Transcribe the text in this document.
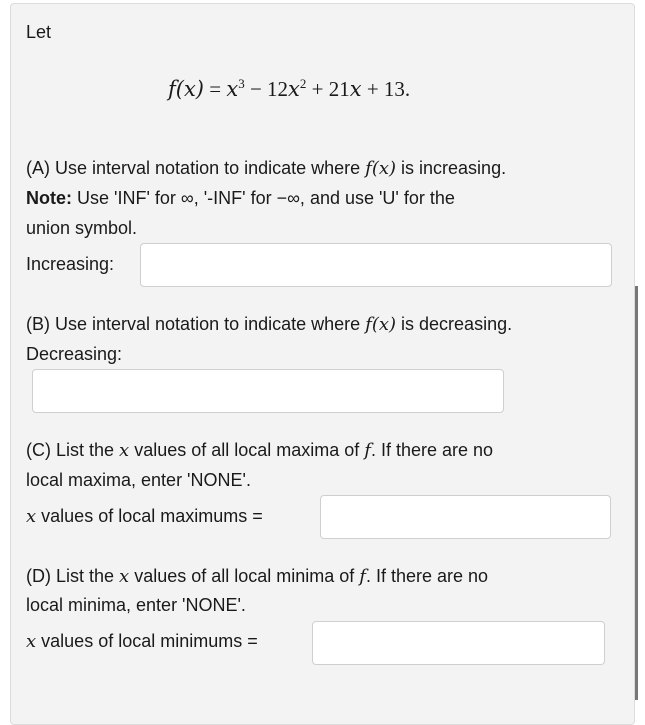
Let
$f(x) = x^3 - 12x^2 + 21x + 13$.
(A) Use interval notation to indicate where f(x) is increasing.
Note: Use 'INF' for ∞, '-INF' for −∞, and use 'U' for the
union symbol.
Increasing:
(B) Use interval notation to indicate where f(x) is decreasing.
Decreasing:
(C) List the x values of all local maxima of f. If there are no
local maxima, enter 'NONE'.
x values of local maximums =
(D) List the x values of all local minima of f. If there are no
local minima, enter 'NONE'.
x values of local minimums =
